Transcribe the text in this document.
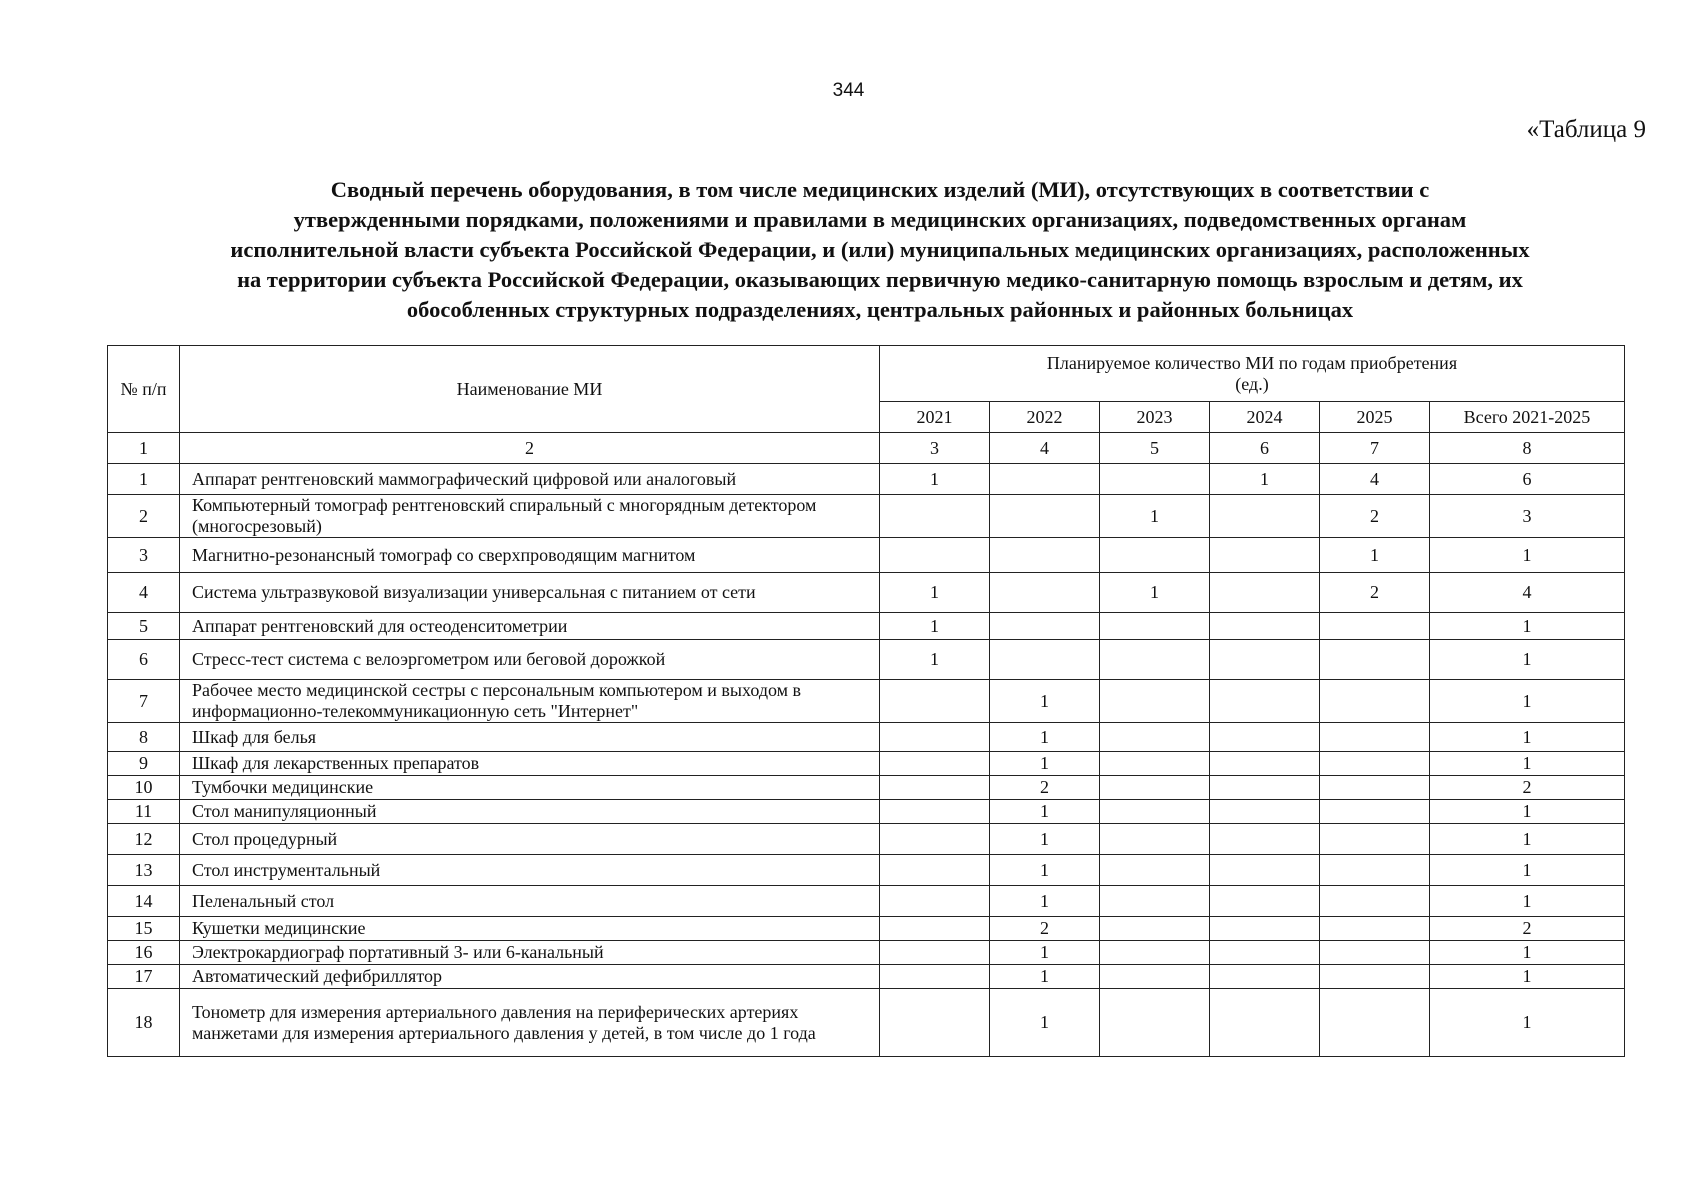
344
«Таблица 9
Сводный перечень оборудования, в том числе медицинских изделий (МИ), отсутствующих в соответствии с
утвержденными порядками, положениями и правилами в медицинских организациях, подведомственных органам
исполнительной власти субъекта Российской Федерации, и (или) муниципальных медицинских организациях, расположенных
на территории субъекта Российской Федерации, оказывающих первичную медико-санитарную помощь взрослым и детям, их
обособленных структурных подразделениях, центральных районных и районных больницах
№ п/п	Наименование МИ	Планируемое количество МИ по годам приобретения
(ед.)					

		2021	2022	2023	2024	2025	Всего 2021-2025
1	2	3	4	5	6	7	8
1	Аппарат рентгеновский маммографический цифровой или аналоговый	1			1	4	6
2	Компьютерный томограф рентгеновский спиральный с многорядным детектором (многосрезовый)			1		2	3
3	Магнитно-резонансный томограф со сверхпроводящим магнитом					1	1
4	Система ультразвуковой визуализации универсальная с питанием от сети	1		1		2	4
5	Аппарат рентгеновский для остеоденситометрии	1					1
6	Стресс-тест система с велоэргометром или беговой дорожкой	1					1
7	Рабочее место медицинской сестры с персональным компьютером и выходом в информационно-телекоммуникационную сеть "Интернет"		1				1
8	Шкаф для белья		1				1
9	Шкаф для лекарственных препаратов		1				1
10	Тумбочки медицинские		2				2
11	Стол манипуляционный		1				1
12	Стол процедурный		1				1
13	Стол инструментальный		1				1
14	Пеленальный стол		1				1
15	Кушетки медицинские		2				2
16	Электрокардиограф портативный 3- или 6-канальный		1				1
17	Автоматический дефибриллятор		1				1
18	Тонометр для измерения артериального давления на периферических артериях манжетами для измерения артериального давления у детей, в том числе до 1 года		1				1
